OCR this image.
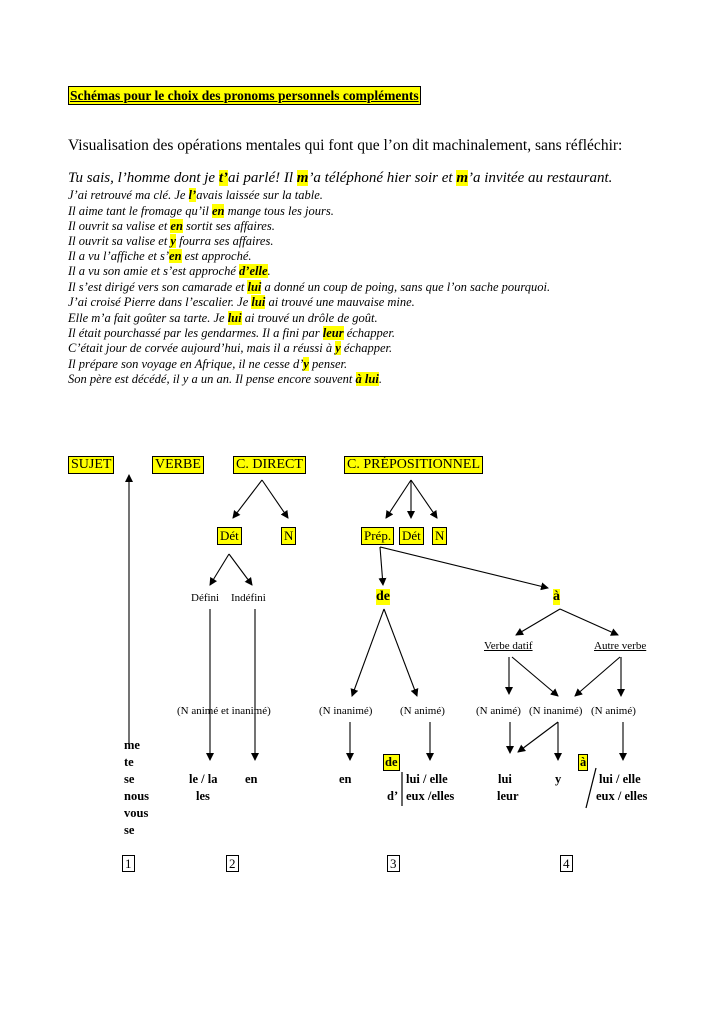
Schémas pour le choix des pronoms personnels compléments
Visualisation des opérations mentales qui font que l’on dit machinalement, sans réfléchir:
Tu sais, l’homme dont je t’ai parlé! Il m’a téléphoné hier soir et m’a invitée au restaurant.
J’ai retrouvé ma clé. Je l’avais laissée sur la table.
Il aime tant le fromage qu’il en mange tous les jours.
Il ouvrit sa valise et en sortit ses affaires.
Il ouvrit sa valise et y fourra ses affaires.
Il a vu l’affiche et s’en est approché.
Il a vu son amie et s’est approché d’elle.
Il s’est dirigé vers son camarade et lui a donné un coup de poing, sans que l’on sache pourquoi.
J’ai croisé Pierre dans l’escalier. Je lui ai trouvé une mauvaise mine.
Elle m’a fait goûter sa tarte. Je lui ai trouvé un drôle de goût.
Il était pourchassé par les gendarmes. Il a fini par leur échapper.
C’était jour de corvée aujourd’hui, mais il a réussi à y échapper.
Il prépare son voyage en Afrique, il ne cesse d’y penser.
Son père est décédé, il y a un an. Il pense encore souvent à lui.
SUJET	VERBE	C. DIRECT	C. PRÉPOSITIONNEL
Dét	N	Prép. Dét N
Défini Indéfini	de	à
Verbe datif	Autre verbe
(N animé et inanimé)	(N inanimé)	(N animé)	(N animé) (N inanimé) (N animé)
me
te
se
nous
vous
se
le / la
les
en	en
de
d’
lui / elle
eux /elles
lui
leur
y
à
lui / elle
eux / elles
1	2	3	4
